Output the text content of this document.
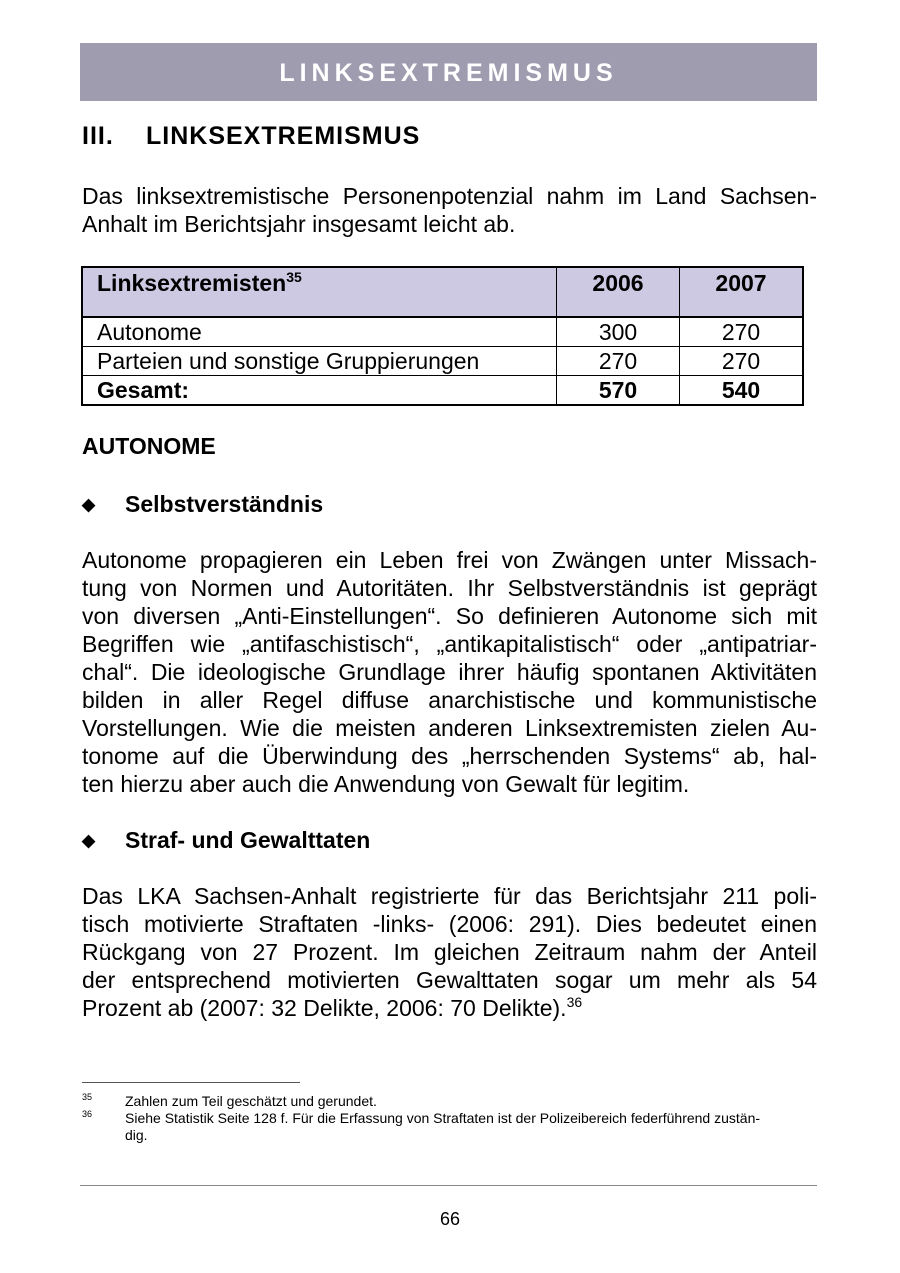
LINKSEXTREMISMUS
III. LINKSEXTREMISMUS
Das linksextremistische Personenpotenzial nahm im Land Sachsen-
Anhalt im Berichtsjahr insgesamt leicht ab.
Linksextremisten$^{35}$	2006	2007
Autonome	300	270
Parteien und sonstige Gruppierungen	270	270
Gesamt:	570	540
AUTONOME
◆ Selbstverständnis
Autonome propagieren ein Leben frei von Zwängen unter Missach-
tung von Normen und Autoritäten. Ihr Selbstverständnis ist geprägt
von diversen „Anti-Einstellungen“. So definieren Autonome sich mit
Begriffen wie „antifaschistisch“, „antikapitalistisch“ oder „antipatriar-
chal“. Die ideologische Grundlage ihrer häufig spontanen Aktivitäten
bilden in aller Regel diffuse anarchistische und kommunistische
Vorstellungen. Wie die meisten anderen Linksextremisten zielen Au-
tonome auf die Überwindung des „herrschenden Systems“ ab, hal-
ten hierzu aber auch die Anwendung von Gewalt für legitim.
◆ Straf- und Gewalttaten
Das LKA Sachsen-Anhalt registrierte für das Berichtsjahr 211 poli-
tisch motivierte Straftaten -links- (2006: 291). Dies bedeutet einen
Rückgang von 27 Prozent. Im gleichen Zeitraum nahm der Anteil
der entsprechend motivierten Gewalttaten sogar um mehr als 54
Prozent ab (2007: 32 Delikte, 2006: 70 Delikte).$^{36}$
35 Zahlen zum Teil geschätzt und gerundet.
36 Siehe Statistik Seite 128 f. Für die Erfassung von Straftaten ist der Polizeibereich federführend zustän-
dig.
66
